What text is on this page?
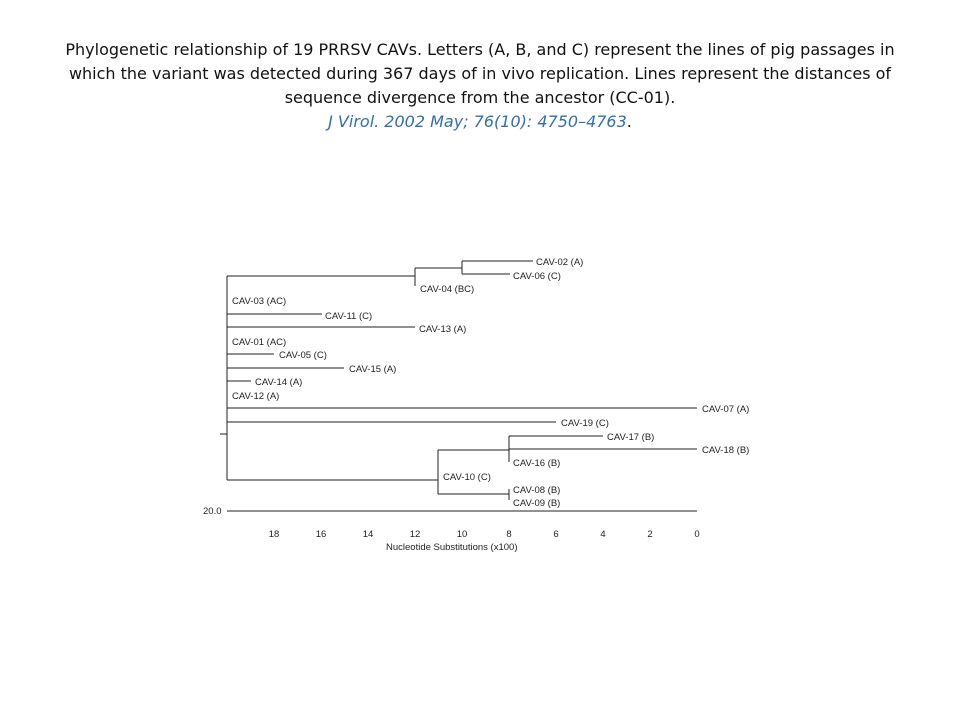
Phylogenetic relationship of 19 PRRSV CAVs. Letters (A, B, and C) represent the lines of pig passages in which the variant was detected during 367 days of in vivo replication. Lines represent the distances of sequence divergence from the ancestor (CC-01).
J Virol. 2002 May; 76(10): 4750–4763.
CAV-02 (A)
CAV-06 (C)
CAV-04 (BC)
CAV-03 (AC)
CAV-11 (C)
CAV-13 (A)
CAV-01 (AC)
CAV-05 (C)
CAV-15 (A)
CAV-14 (A)
CAV-12 (A)
CAV-07 (A)
CAV-19 (C)
CAV-17 (B)
CAV-18 (B)
CAV-16 (B)
CAV-10 (C)
CAV-08 (B)
CAV-09 (B)
20.0
18	16	14	12	10	8	6	4	2	0
Nucleotide Substitutions (x100)
